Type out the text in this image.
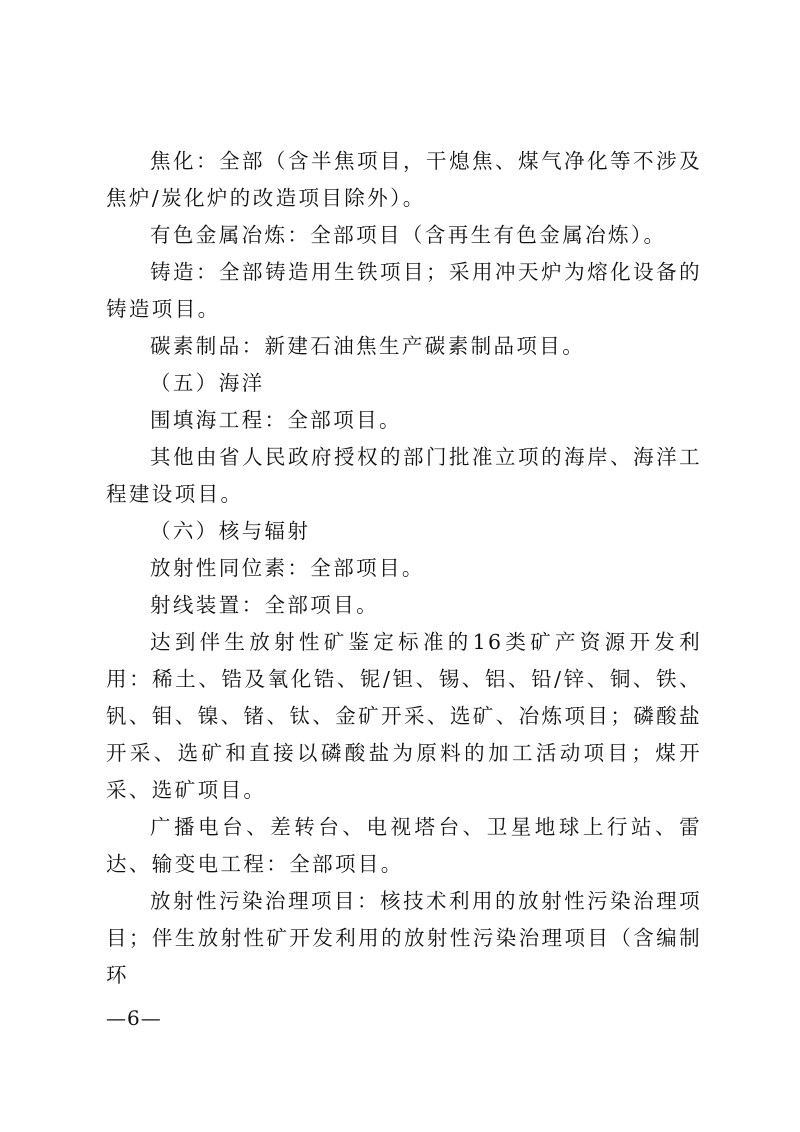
焦化：全部（含半焦项目，干熄焦、煤气净化等不涉及焦炉/炭化炉的改造项目除外）。

有色金属冶炼：全部项目（含再生有色金属冶炼）。

铸造：全部铸造用生铁项目；采用冲天炉为熔化设备的铸造项目。

碳素制品：新建石油焦生产碳素制品项目。

（五）海洋

围填海工程：全部项目。

其他由省人民政府授权的部门批准立项的海岸、海洋工程建设项目。

（六）核与辐射

放射性同位素：全部项目。

射线装置：全部项目。

达到伴生放射性矿鉴定标准的16类矿产资源开发利用：稀土、锆及氧化锆、铌/钽、锡、铝、铅/锌、铜、铁、钒、钼、镍、锗、钛、金矿开采、选矿、冶炼项目；磷酸盐开采、选矿和直接以磷酸盐为原料的加工活动项目；煤开采、选矿项目。

广播电台、差转台、电视塔台、卫星地球上行站、雷达、输变电工程：全部项目。

放射性污染治理项目：核技术利用的放射性污染治理项目；伴生放射性矿开发利用的放射性污染治理项目（含编制环

—6—
